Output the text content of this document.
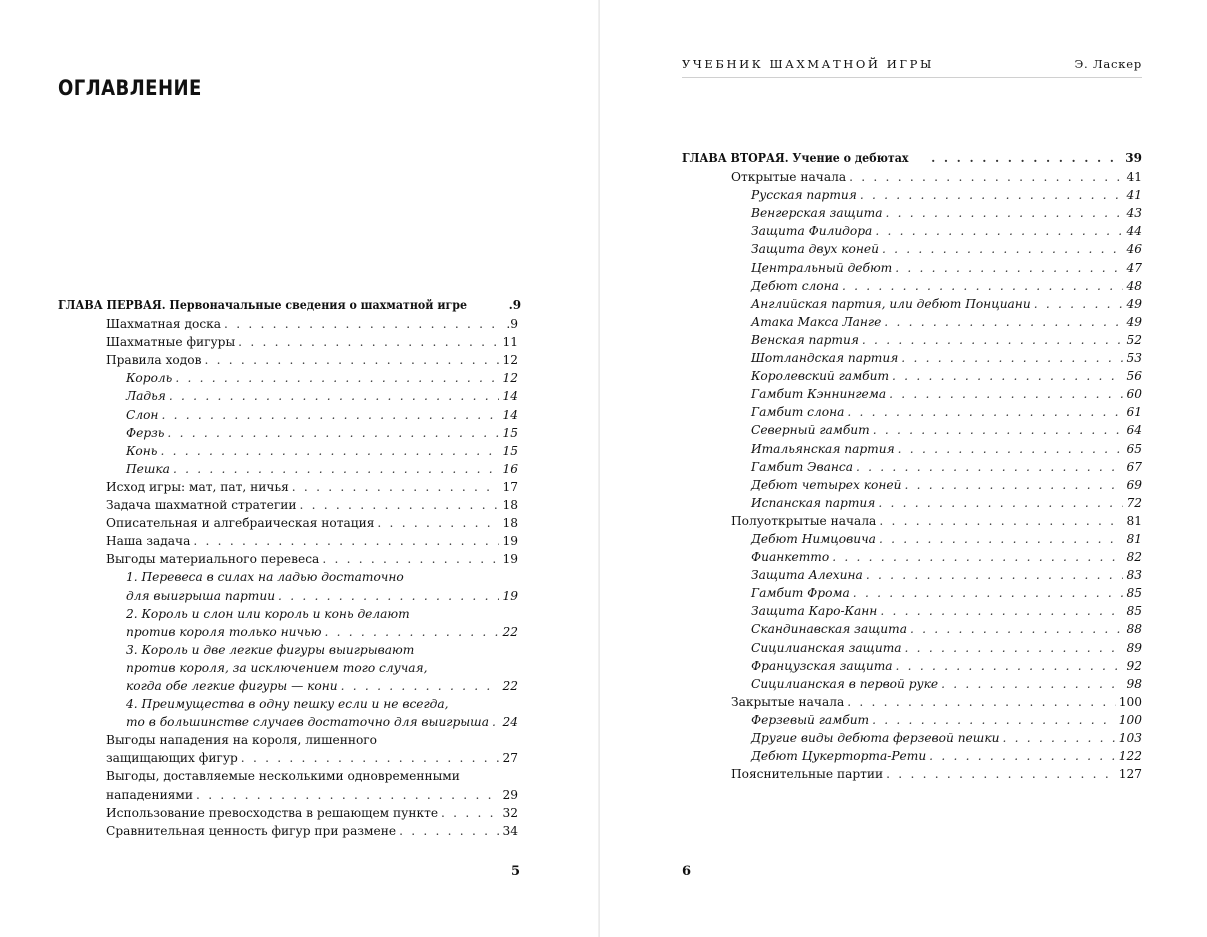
ОГЛАВЛЕНИЕ
ГЛАВА ПЕРВАЯ. Первоначальные сведения о шахматной игре	.9
Шахматная доска . . .	.9
Шахматные фигуры . . .	11
Правила ходов . . .	12
Король . . .	12
Ладья . . .	14
Слон . . .	14
Ферзь . . .	15
Конь . . .	15
Пешка . . .	16
Исход игры: мат, пат, ничья . . .	17
Задача шахматной стратегии . . .	18
Описательная и алгебраическая нотация . . .	18
Наша задача . . .	19
Выгоды материального перевеса . . .	19
1. Перевеса в силах на ладью достаточно
для выигрыша партии . . .	19
2. Король и слон или король и конь делают
против короля только ничью . . .	22
3. Король и две легкие фигуры выигрывают
против короля, за исключением того случая,
когда обе легкие фигуры — кони . . .	22
4. Преимущества в одну пешку если и не всегда,
то в большинстве случаев достаточно для выигрыша . . . 24
Выгоды нападения на короля, лишенного
защищающих фигур . . .	27
Выгоды, доставляемые несколькими одновременными
нападениями . . .	29
Использование превосходства в решающем пункте . . .	32
Сравнительная ценность фигур при размене . . .	34
5
УЧЕБНИК ШАХМАТНОЙ ИГРЫ	Э. Ласкер
ГЛАВА ВТОРАЯ. Учение о дебютах . . .	39
Открытые начала . . .	41
Русская партия . . .	41
Венгерская защита . . .	43
Защита Филидора . . .	44
Защита двух коней . . .	46
Центральный дебют . . .	47
Дебют слона . . .	48
Английская партия, или дебют Понциани . . .	49
Атака Макса Ланге . . .	49
Венская партия . . .	52
Шотландская партия . . .	53
Королевский гамбит . . .	56
Гамбит Кэннингема . . .	60
Гамбит слона . . .	61
Северный гамбит . . .	64
Итальянская партия . . .	65
Гамбит Эванса . . .	67
Дебют четырех коней . . .	69
Испанская партия . . .	72
Полуоткрытые начала . . .	81
Дебют Нимцовича . . .	81
Фианкетто . . .	82
Защита Алехина . . .	83
Гамбит Фрома . . .	85
Защита Каро-Канн . . .	85
Скандинавская защита . . .	88
Сицилианская защита . . .	89
Французская защита . . .	92
Сицилианская в первой руке . . .	98
Закрытые начала . . .	100
Ферзевый гамбит . . .	100
Другие виды дебюта ферзевой пешки . . .	103
Дебют Цукерторта-Рети . . .	122
Пояснительные партии . . .	127
6
